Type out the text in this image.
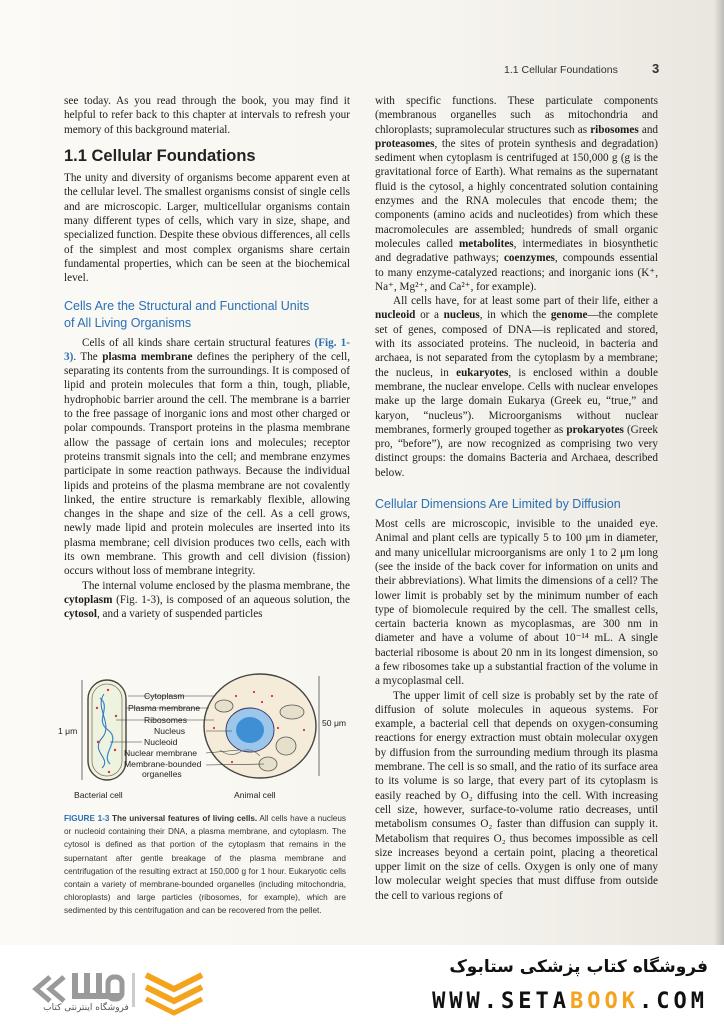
1.1 Cellular Foundations	3

see today. As you read through the book, you may find it helpful to refer back to this chapter at intervals to refresh your memory of this background material.

1.1 Cellular Foundations

The unity and diversity of organisms become apparent even at the cellular level. The smallest organisms consist of single cells and are microscopic. Larger, multicellular organisms contain many different types of cells, which vary in size, shape, and specialized function. Despite these obvious differences, all cells of the simplest and most complex organisms share certain fundamental properties, which can be seen at the biochemical level.

Cells Are the Structural and Functional Units
of All Living Organisms

Cells of all kinds share certain structural features (Fig. 1-3). The plasma membrane defines the periphery of the cell, separating its contents from the surroundings. It is composed of lipid and protein molecules that form a thin, tough, pliable, hydrophobic barrier around the cell. The membrane is a barrier to the free passage of inorganic ions and most other charged or polar compounds. Transport proteins in the plasma membrane allow the passage of certain ions and molecules; receptor proteins transmit signals into the cell; and membrane enzymes participate in some reaction pathways. Because the individual lipids and proteins of the plasma membrane are not covalently linked, the entire structure is remarkably flexible, allowing changes in the shape and size of the cell. As a cell grows, newly made lipid and protein molecules are inserted into its plasma membrane; cell division produces two cells, each with its own membrane. This growth and cell division (fission) occurs without loss of membrane integrity.

The internal volume enclosed by the plasma membrane, the cytoplasm (Fig. 1-3), is composed of an aqueous solution, the cytosol, and a variety of suspended particles

Cytoplasm
Plasma membrane
Ribosomes
Nucleus
Nucleoid
Nuclear membrane
Membrane-bounded
organelles
1 μm
50 μm
Bacterial cell	Animal cell
FIGURE 1-3 The universal features of living cells. All cells have a nucleus or nucleoid containing their DNA, a plasma membrane, and cytoplasm. The cytosol is defined as that portion of the cytoplasm that remains in the supernatant after gentle breakage of the plasma membrane and centrifugation of the resulting extract at 150,000 g for 1 hour. Eukaryotic cells contain a variety of membrane-bounded organelles (including mitochondria, chloroplasts) and large particles (ribosomes, for example), which are sedimented by this centrifugation and can be recovered from the pellet.

with specific functions. These particulate components (membranous organelles such as mitochondria and chloroplasts; supramolecular structures such as ribosomes and proteasomes, the sites of protein synthesis and degradation) sediment when cytoplasm is centrifuged at 150,000 g (g is the gravitational force of Earth). What remains as the supernatant fluid is the cytosol, a highly concentrated solution containing enzymes and the RNA molecules that encode them; the components (amino acids and nucleotides) from which these macromolecules are assembled; hundreds of small organic molecules called metabolites, intermediates in biosynthetic and degradative pathways; coenzymes, compounds essential to many enzyme-catalyzed reactions; and inorganic ions (K⁺, Na⁺, Mg²⁺, and Ca²⁺, for example).

All cells have, for at least some part of their life, either a nucleoid or a nucleus, in which the genome—the complete set of genes, composed of DNA—is replicated and stored, with its associated proteins. The nucleoid, in bacteria and archaea, is not separated from the cytoplasm by a membrane; the nucleus, in eukaryotes, is enclosed within a double membrane, the nuclear envelope. Cells with nuclear envelopes make up the large domain Eukarya (Greek eu, “true,” and karyon, “nucleus”). Microorganisms without nuclear membranes, formerly grouped together as prokaryotes (Greek pro, “before”), are now recognized as comprising two very distinct groups: the domains Bacteria and Archaea, described below.

Cellular Dimensions Are Limited by Diffusion

Most cells are microscopic, invisible to the unaided eye. Animal and plant cells are typically 5 to 100 μm in diameter, and many unicellular microorganisms are only 1 to 2 μm long (see the inside of the back cover for information on units and their abbreviations). What limits the dimensions of a cell? The lower limit is probably set by the minimum number of each type of biomolecule required by the cell. The smallest cells, certain bacteria known as mycoplasmas, are 300 nm in diameter and have a volume of about 10⁻¹⁴ mL. A single bacterial ribosome is about 20 nm in its longest dimension, so a few ribosomes take up a substantial fraction of the volume in a mycoplasmal cell.

The upper limit of cell size is probably set by the rate of diffusion of solute molecules in aqueous systems. For example, a bacterial cell that depends on oxygen-consuming reactions for energy extraction must obtain molecular oxygen by diffusion from the surrounding medium through its plasma membrane. The cell is so small, and the ratio of its surface area to its volume is so large, that every part of its cytoplasm is easily reached by O₂ diffusing into the cell. With increasing cell size, however, surface-to-volume ratio decreases, until metabolism consumes O₂ faster than diffusion can supply it. Metabolism that requires O₂ thus becomes impossible as cell size increases beyond a certain point, placing a theoretical upper limit on the size of cells. Oxygen is only one of many low molecular weight species that must diffuse from outside the cell to various regions of

فروشگاه اینترنتی کتاب
فروشگاه کتاب پزشکی ستابوک
WWW.SETABOOK.COM
